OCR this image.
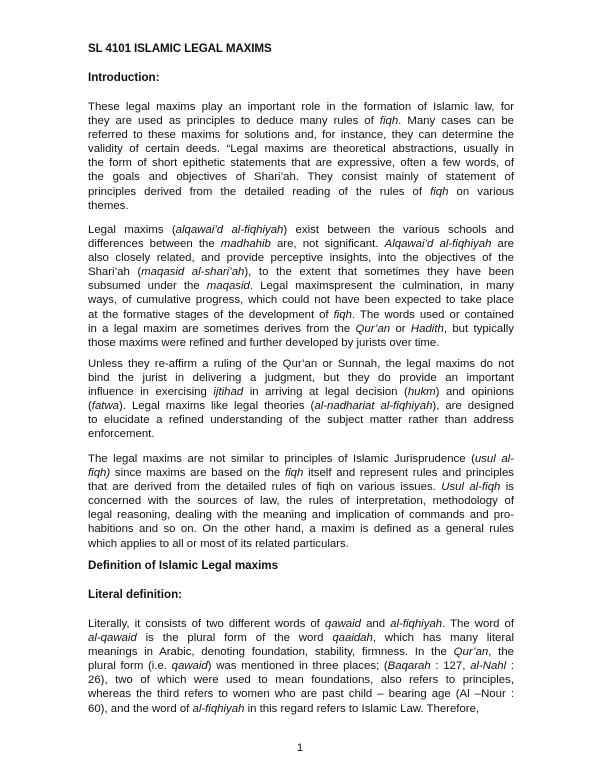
SL 4101 ISLAMIC LEGAL MAXIMS
Introduction:
These legal maxims play an important role in the formation of Islamic law, for
they are used as principles to deduce many rules of fiqh. Many cases can be
referred to these maxims for solutions and, for instance, they can determine the
validity of certain deeds. “Legal maxims are theoretical abstractions, usually in
the form of short epithetic statements that are expressive, often a few words, of
the goals and objectives of Shari’ah. They consist mainly of statement of
principles derived from the detailed reading of the rules of fiqh on various
themes.
Legal maxims (alqawai’d al-fiqhiyah) exist between the various schools and
differences between the madhahib are, not significant. Alqawai’d al-fiqhiyah are
also closely related, and provide perceptive insights, into the objectives of the
Shari’ah (maqasid al-shari’ah), to the extent that sometimes they have been
subsumed under the maqasid. Legal maximspresent the culmination, in many
ways, of cumulative progress, which could not have been expected to take place
at the formative stages of the development of fiqh. The words used or contained
in a legal maxim are sometimes derives from the Qur’an or Hadith, but typically
those maxims were refined and further developed by jurists over time.
Unless they re-affirm a ruling of the Qur’an or Sunnah, the legal maxims do not
bind the jurist in delivering a judgment, but they do provide an important
influence in exercising ijtihad in arriving at legal decision (hukm) and opinions
(fatwa). Legal maxims like legal theories (al-nadhariat al-fiqhiyah), are designed
to elucidate a refined understanding of the subject matter rather than address
enforcement.
The legal maxims are not similar to principles of Islamic Jurisprudence (usul al-
fiqh) since maxims are based on the fiqh itself and represent rules and principles
that are derived from the detailed rules of fiqh on various issues. Usul al-fiqh is
concerned with the sources of law, the rules of interpretation, methodology of
legal reasoning, dealing with the meaning and implication of commands and pro-
habitions and so on. On the other hand, a maxim is defined as a general rules
which applies to all or most of its related particulars.
Definition of Islamic Legal maxims
Literal definition:
Literally, it consists of two different words of qawaid and al-fiqhiyah. The word of
al-qawaid is the plural form of the word qaaidah, which has many literal
meanings in Arabic, denoting foundation, stability, firmness. In the Qur’an, the
plural form (i.e. qawaid) was mentioned in three places; (Baqarah : 127, al-Nahl :
26), two of which were used to mean foundations, also refers to principles,
whereas the third refers to women who are past child – bearing age (Al –Nour :
60), and the word of al-fiqhiyah in this regard refers to Islamic Law. Therefore,
1
